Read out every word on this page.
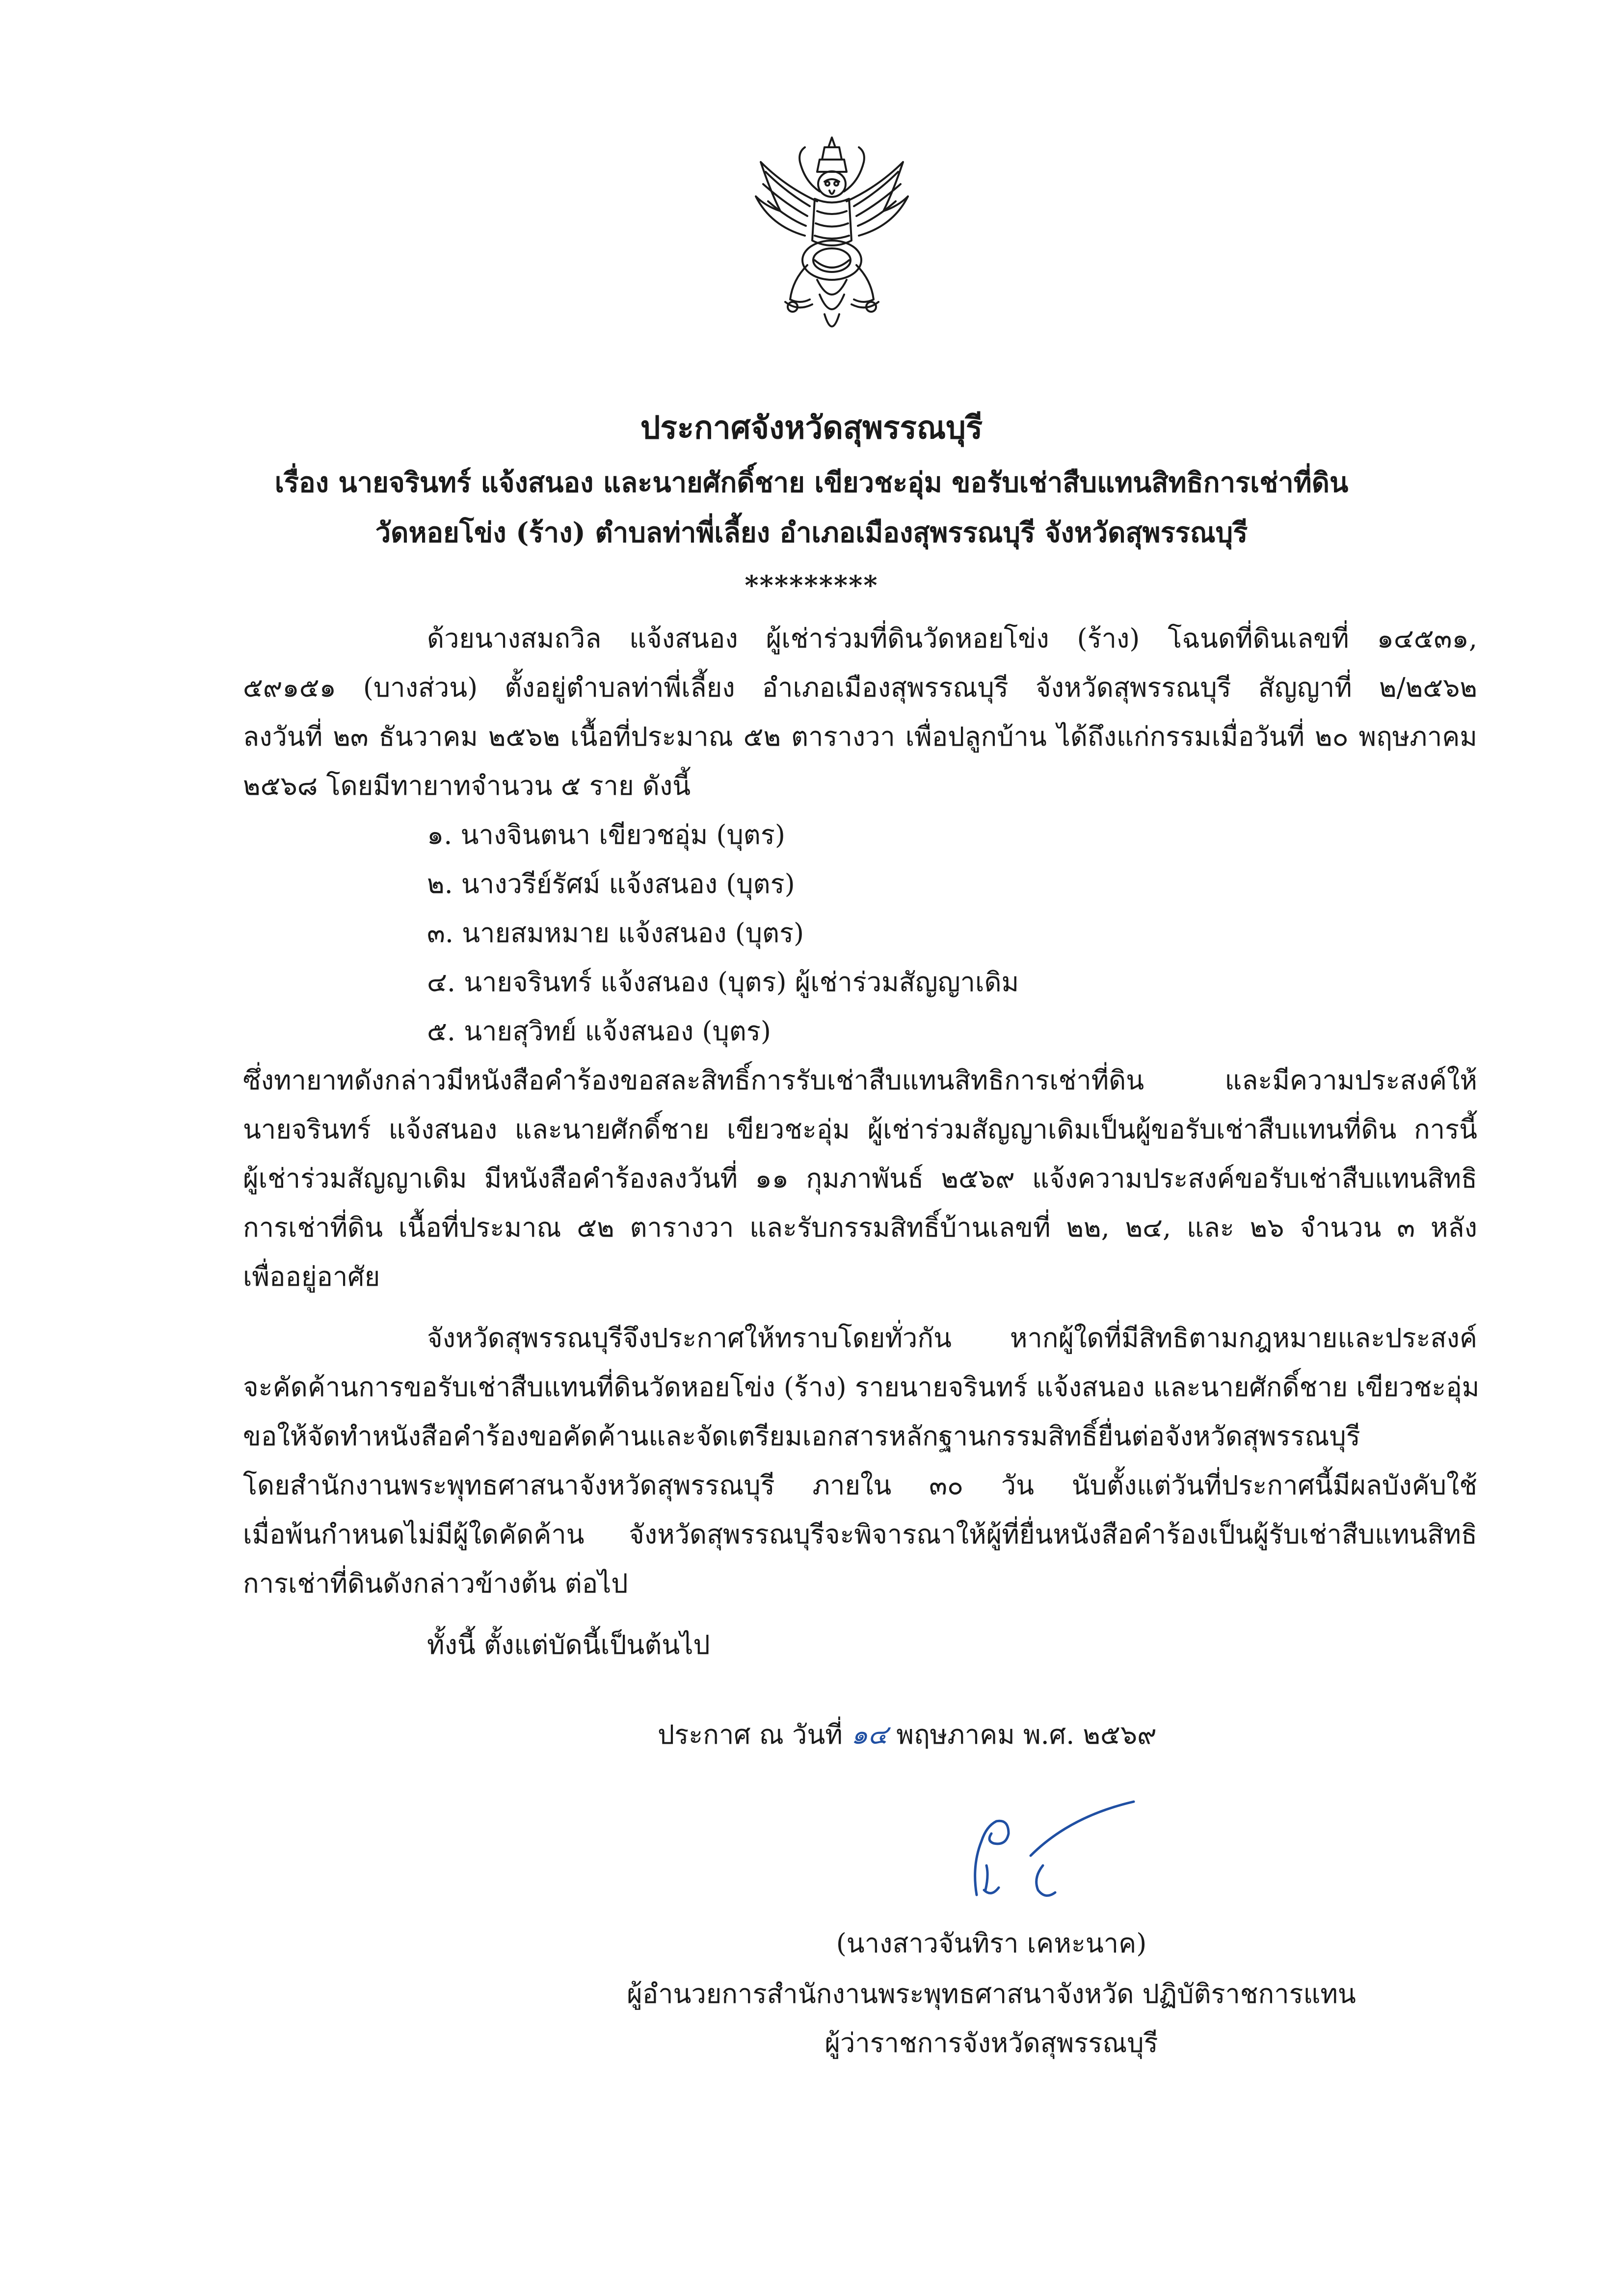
ประกาศจังหวัดสุพรรณบุรี
เรื่อง นายจรินทร์ แจ้งสนอง และนายศักดิ์ชาย เขียวชะอุ่ม ขอรับเช่าสืบแทนสิทธิการเช่าที่ดิน
วัดหอยโข่ง (ร้าง) ตำบลท่าพี่เลี้ยง อำเภอเมืองสุพรรณบุรี จังหวัดสุพรรณบุรี
*********
ด้วยนางสมถวิล แจ้งสนอง ผู้เช่าร่วมที่ดินวัดหอยโข่ง (ร้าง) โฉนดที่ดินเลขที่ ๑๔๕๓๑,
๕๙๑๕๑ (บางส่วน) ตั้งอยู่ตำบลท่าพี่เลี้ยง อำเภอเมืองสุพรรณบุรี จังหวัดสุพรรณบุรี สัญญาที่ ๒/๒๕๖๒
ลงวันที่ ๒๓ ธันวาคม ๒๕๖๒ เนื้อที่ประมาณ ๕๒ ตารางวา เพื่อปลูกบ้าน ได้ถึงแก่กรรมเมื่อวันที่ ๒๐ พฤษภาคม
๒๕๖๘ โดยมีทายาทจำนวน ๕ ราย ดังนี้
๑. นางจินตนา เขียวชอุ่ม (บุตร)
๒. นางวรีย์รัศม์ แจ้งสนอง (บุตร)
๓. นายสมหมาย แจ้งสนอง (บุตร)
๔. นายจรินทร์ แจ้งสนอง (บุตร) ผู้เช่าร่วมสัญญาเดิม
๕. นายสุวิทย์ แจ้งสนอง (บุตร)
ซึ่งทายาทดังกล่าวมีหนังสือคำร้องขอสละสิทธิ์การรับเช่าสืบแทนสิทธิการเช่าที่ดิน และมีความประสงค์ให้
นายจรินทร์ แจ้งสนอง และนายศักดิ์ชาย เขียวชะอุ่ม ผู้เช่าร่วมสัญญาเดิมเป็นผู้ขอรับเช่าสืบแทนที่ดิน การนี้
ผู้เช่าร่วมสัญญาเดิม มีหนังสือคำร้องลงวันที่ ๑๑ กุมภาพันธ์ ๒๕๖๙ แจ้งความประสงค์ขอรับเช่าสืบแทนสิทธิ
การเช่าที่ดิน เนื้อที่ประมาณ ๕๒ ตารางวา และรับกรรมสิทธิ์บ้านเลขที่ ๒๒, ๒๔, และ ๒๖ จำนวน ๓ หลัง
เพื่ออยู่อาศัย
จังหวัดสุพรรณบุรีจึงประกาศให้ทราบโดยทั่วกัน หากผู้ใดที่มีสิทธิตามกฎหมายและประสงค์
จะคัดค้านการขอรับเช่าสืบแทนที่ดินวัดหอยโข่ง (ร้าง) รายนายจรินทร์ แจ้งสนอง และนายศักดิ์ชาย เขียวชะอุ่ม
ขอให้จัดทำหนังสือคำร้องขอคัดค้านและจัดเตรียมเอกสารหลักฐานกรรมสิทธิ์ยื่นต่อจังหวัดสุพรรณบุรี
โดยสำนักงานพระพุทธศาสนาจังหวัดสุพรรณบุรี ภายใน ๓๐ วัน นับตั้งแต่วันที่ประกาศนี้มีผลบังคับใช้
เมื่อพ้นกำหนดไม่มีผู้ใดคัดค้าน จังหวัดสุพรรณบุรีจะพิจารณาให้ผู้ที่ยื่นหนังสือคำร้องเป็นผู้รับเช่าสืบแทนสิทธิ
การเช่าที่ดินดังกล่าวข้างต้น ต่อไป
ทั้งนี้ ตั้งแต่บัดนี้เป็นต้นไป
ประกาศ ณ วันที่ ๑๔ พฤษภาคม พ.ศ. ๒๕๖๙
(นางสาวจันทิรา เคหะนาค)
ผู้อำนวยการสำนักงานพระพุทธศาสนาจังหวัด ปฏิบัติราชการแทน
ผู้ว่าราชการจังหวัดสุพรรณบุรี
